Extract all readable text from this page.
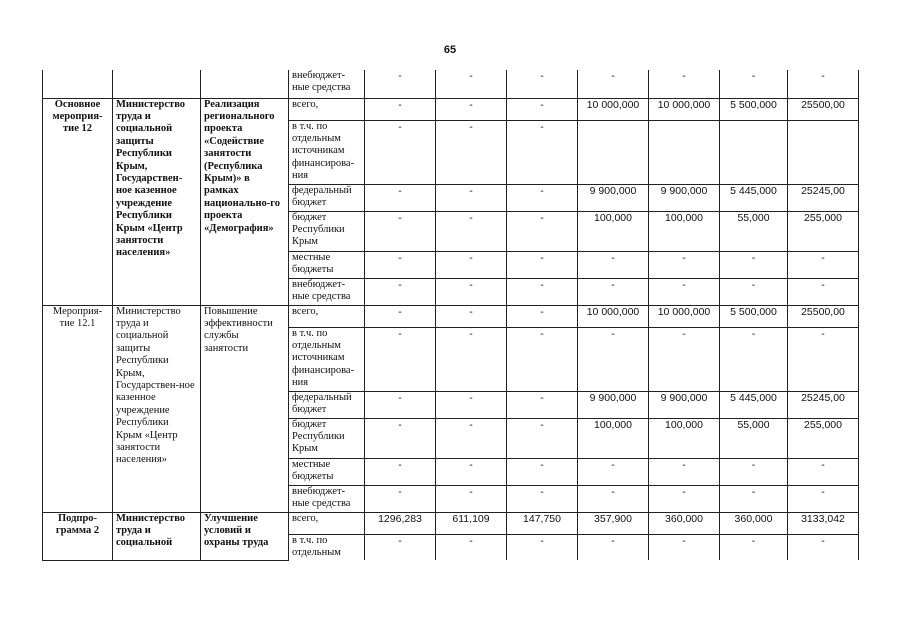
65
			внебюджет-ные средства	-	-	-	-	-	-	-
Основное мероприя-тие 12	Министерство труда и социальной защиты Республики Крым, Государствен-ное казенное учреждение Республики Крым «Центр занятости населения»	Реализация регионального проекта «Содействие занятости (Республика Крым)» в рамках национально-го проекта «Демография»	всего,	-	-	-	10 000,000	10 000,000	5 500,000	25500,00
			в т.ч. по отдельным источникам финансирова-ния	-	-	-				
			федеральный бюджет	-	-	-	9 900,000	9 900,000	5 445,000	25245,00
			бюджет Республики Крым	-	-	-	100,000	100,000	55,000	255,000
			местные бюджеты	-	-	-	-	-	-	-
			внебюджет-ные средства	-	-	-	-	-	-	-
Мероприя-тие 12.1	Министерство труда и социальной защиты Республики Крым, Государствен-ное казенное учреждение Республики Крым «Центр занятости населения»	Повышение эффективности службы занятости	всего,	-	-	-	10 000,000	10 000,000	5 500,000	25500,00
			в т.ч. по отдельным источникам финансирова-ния	-	-	-	-	-	-	-
			федеральный бюджет	-	-	-	9 900,000	9 900,000	5 445,000	25245,00
			бюджет Республики Крым	-	-	-	100,000	100,000	55,000	255,000
			местные бюджеты	-	-	-	-	-	-	-
			внебюджет-ные средства	-	-	-	-	-	-	-
Подпро-грамма 2	Министерство труда и социальной	Улучшение условий и охраны труда	всего,	1296,283	611,109	147,750	357,900	360,000	360,000	3133,042
			в т.ч. по отдельным	-	-	-	-	-	-	-
